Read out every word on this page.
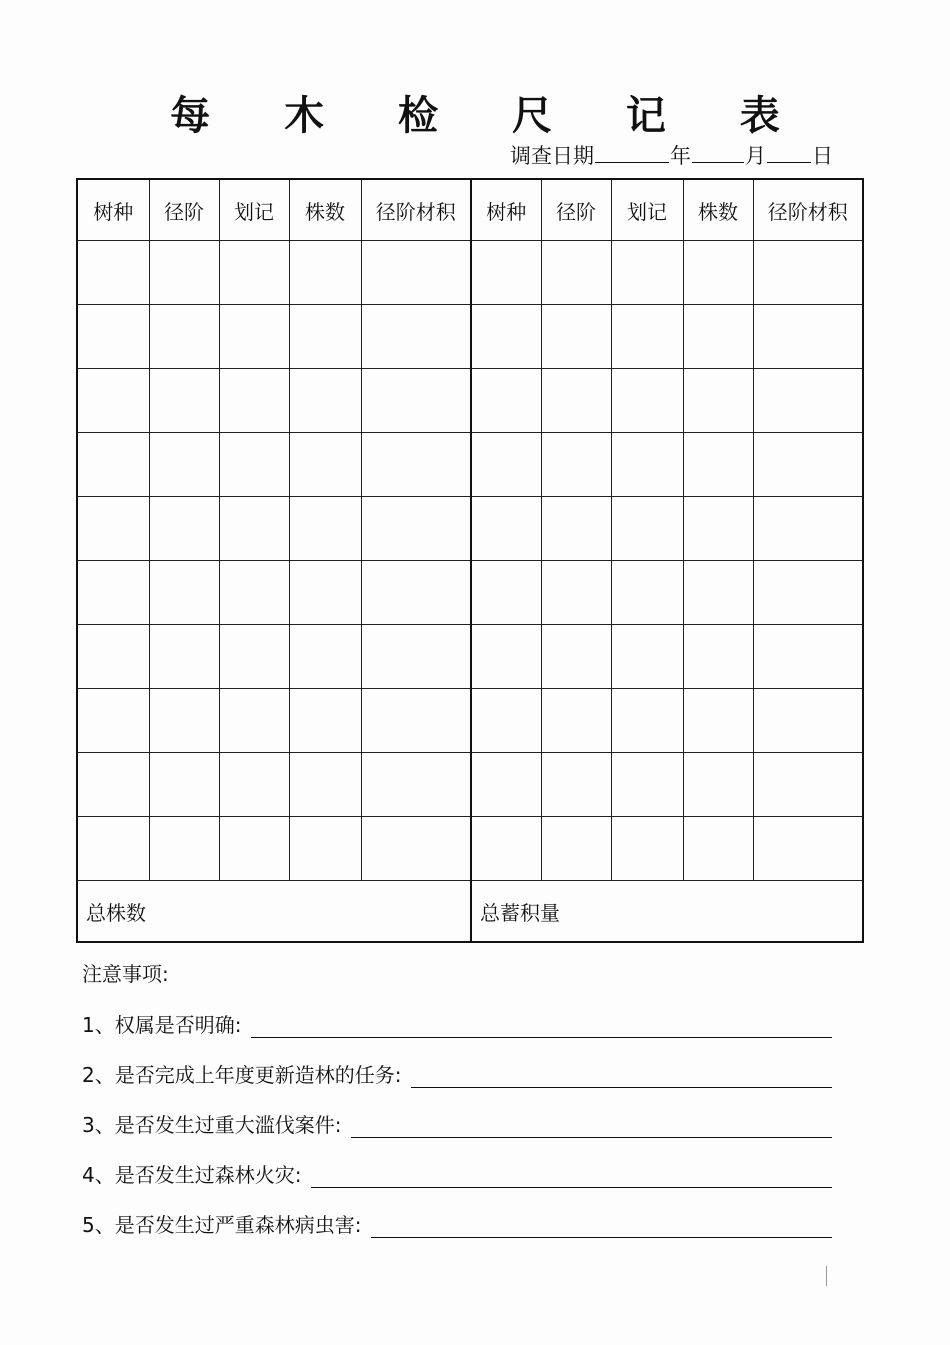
每 木 检 尺 记 表
调查日期	年	月 日
树种	径阶	划记	株数	径阶材积	树种	径阶	划记	株数	径阶材积

总株数					总蓄积量				
注意事项:
1、权属是否明确:
2、是否完成上年度更新造林的任务:
3、是否发生过重大滥伐案件:
4、是否发生过森林火灾:
5、是否发生过严重森林病虫害:
